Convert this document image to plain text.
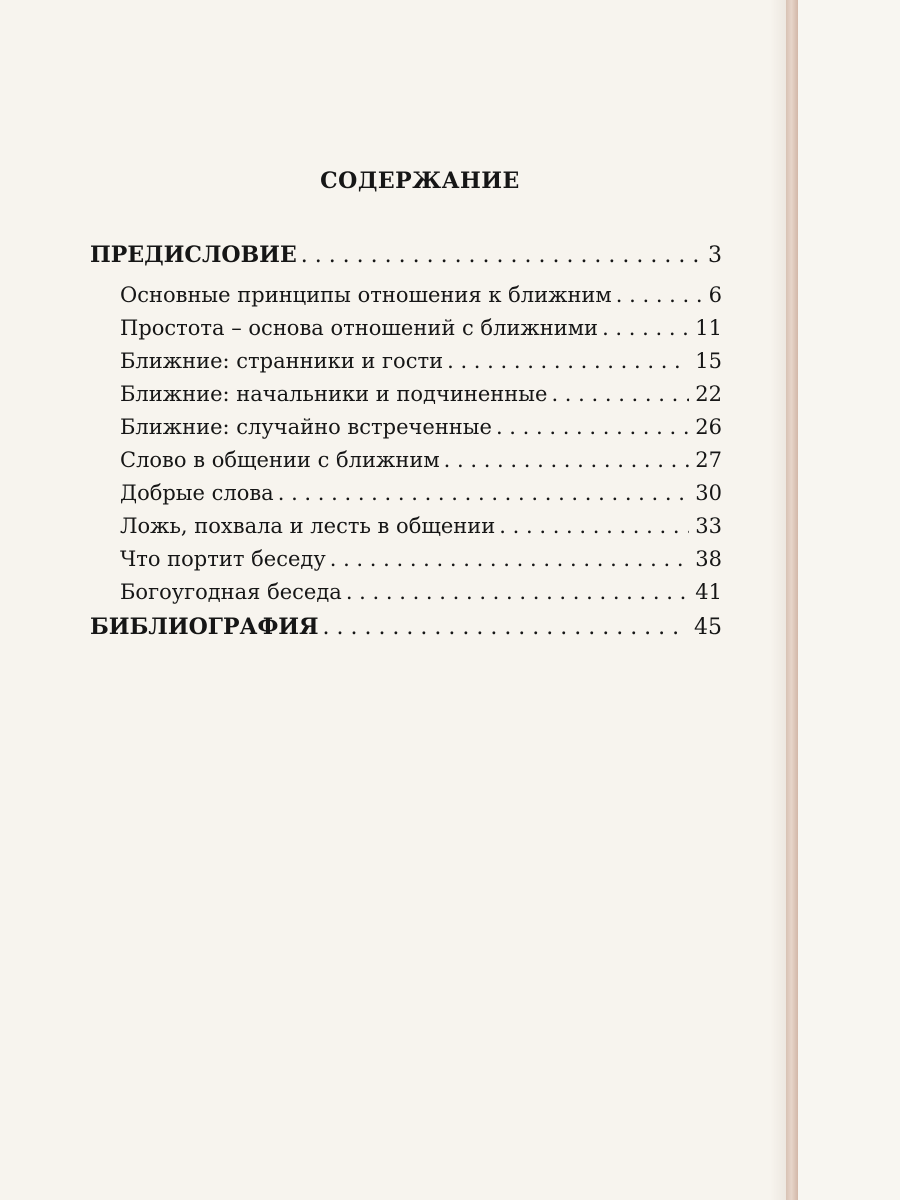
СОДЕРЖАНИЕ
ПРЕДИСЛОВИЕ . . .	3
Основные принципы отношения к ближним . . .	6
Простота – основа отношений с ближними . . .	11
Ближние: странники и гости . . .	15
Ближние: начальники и подчиненные . . .	22
Ближние: случайно встреченные . . .	26
Слово в общении с ближним . . .	27
Добрые слова . . .	30
Ложь, похвала и лесть в общении . . .	33
Что портит беседу . . .	38
Богоугодная беседа . . .	41
БИБЛИОГРАФИЯ . . .	45
